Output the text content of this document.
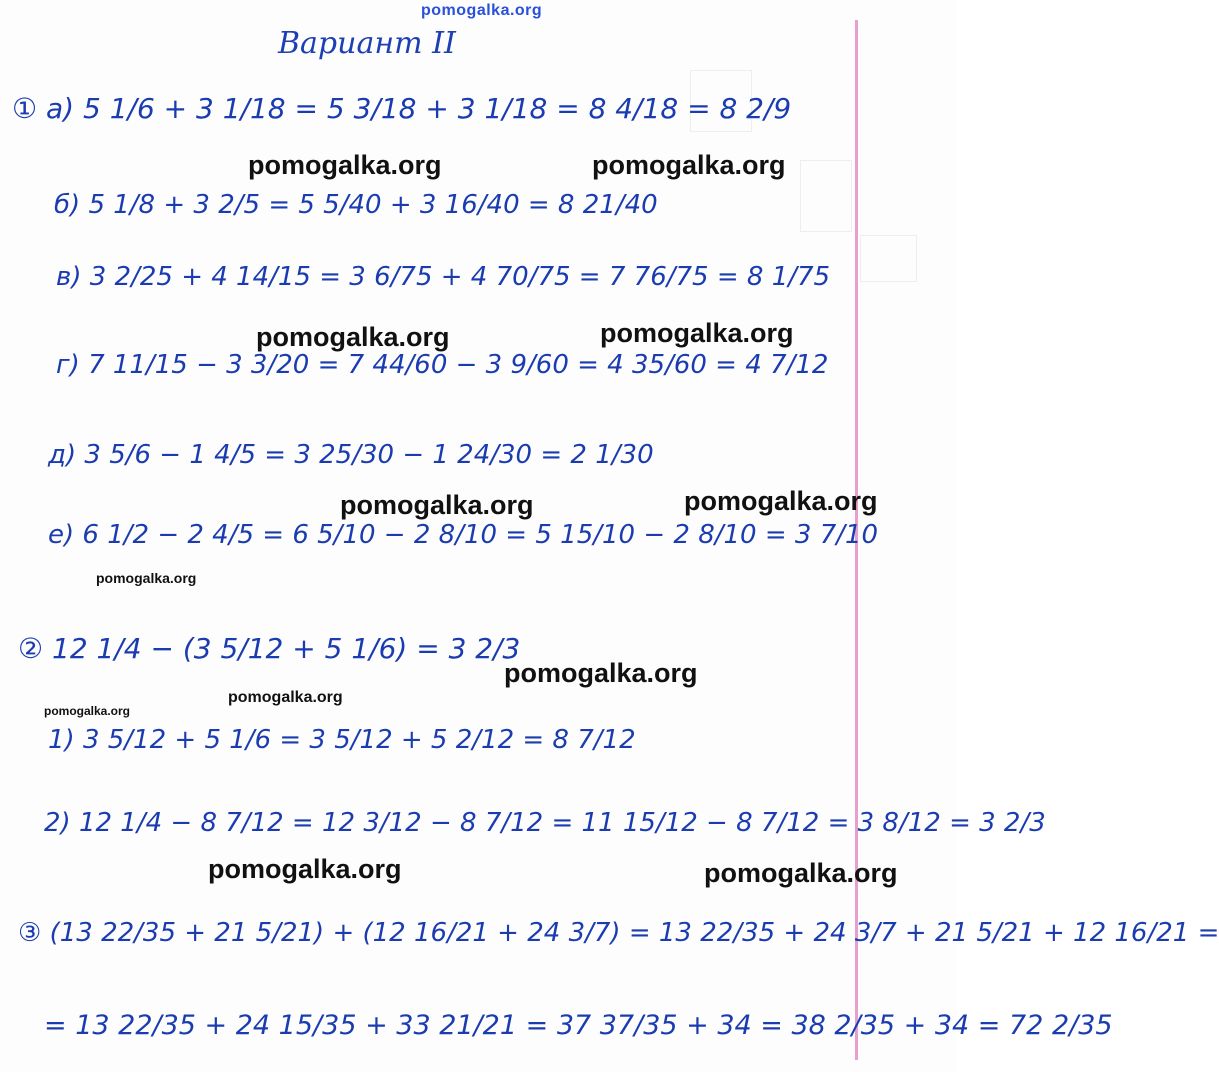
pomogalka.org
Вариант ІІ
① а) 5 1/6 + 3 1/18 = 5 3/18 + 3 1/18 = 8 4/18 = 8 2/9
б) 5 1/8 + 3 2/5 = 5 5/40 + 3 16/40 = 8 21/40
в) 3 2/25 + 4 14/15 = 3 6/75 + 4 70/75 = 7 76/75 = 8 1/75
г) 7 11/15 − 3 3/20 = 7 44/60 − 3 9/60 = 4 35/60 = 4 7/12
д) 3 5/6 − 1 4/5 = 3 25/30 − 1 24/30 = 2 1/30
е) 6 1/2 − 2 4/5 = 6 5/10 − 2 8/10 = 5 15/10 − 2 8/10 = 3 7/10
② 12 1/4 − (3 5/12 + 5 1/6) = 3 2/3
1) 3 5/12 + 5 1/6 = 3 5/12 + 5 2/12 = 8 7/12
2) 12 1/4 − 8 7/12 = 12 3/12 − 8 7/12 = 11 15/12 − 8 7/12 = 3 8/12 = 3 2/3
③ (13 22/35 + 21 5/21) + (12 16/21 + 24 3/7) = 13 22/35 + 24 3/7 + 21 5/21 + 12 16/21 =
= 13 22/35 + 24 15/35 + 33 21/21 = 37 37/35 + 34 = 38 2/35 + 34 = 72 2/35
pomogalka.org	pomogalka.org
pomogalka.org	pomogalka.org
pomogalka.org	pomogalka.org
pomogalka.org
pomogalka.org
pomogalka.org
pomogalka.org
pomogalka.org	pomogalka.org
